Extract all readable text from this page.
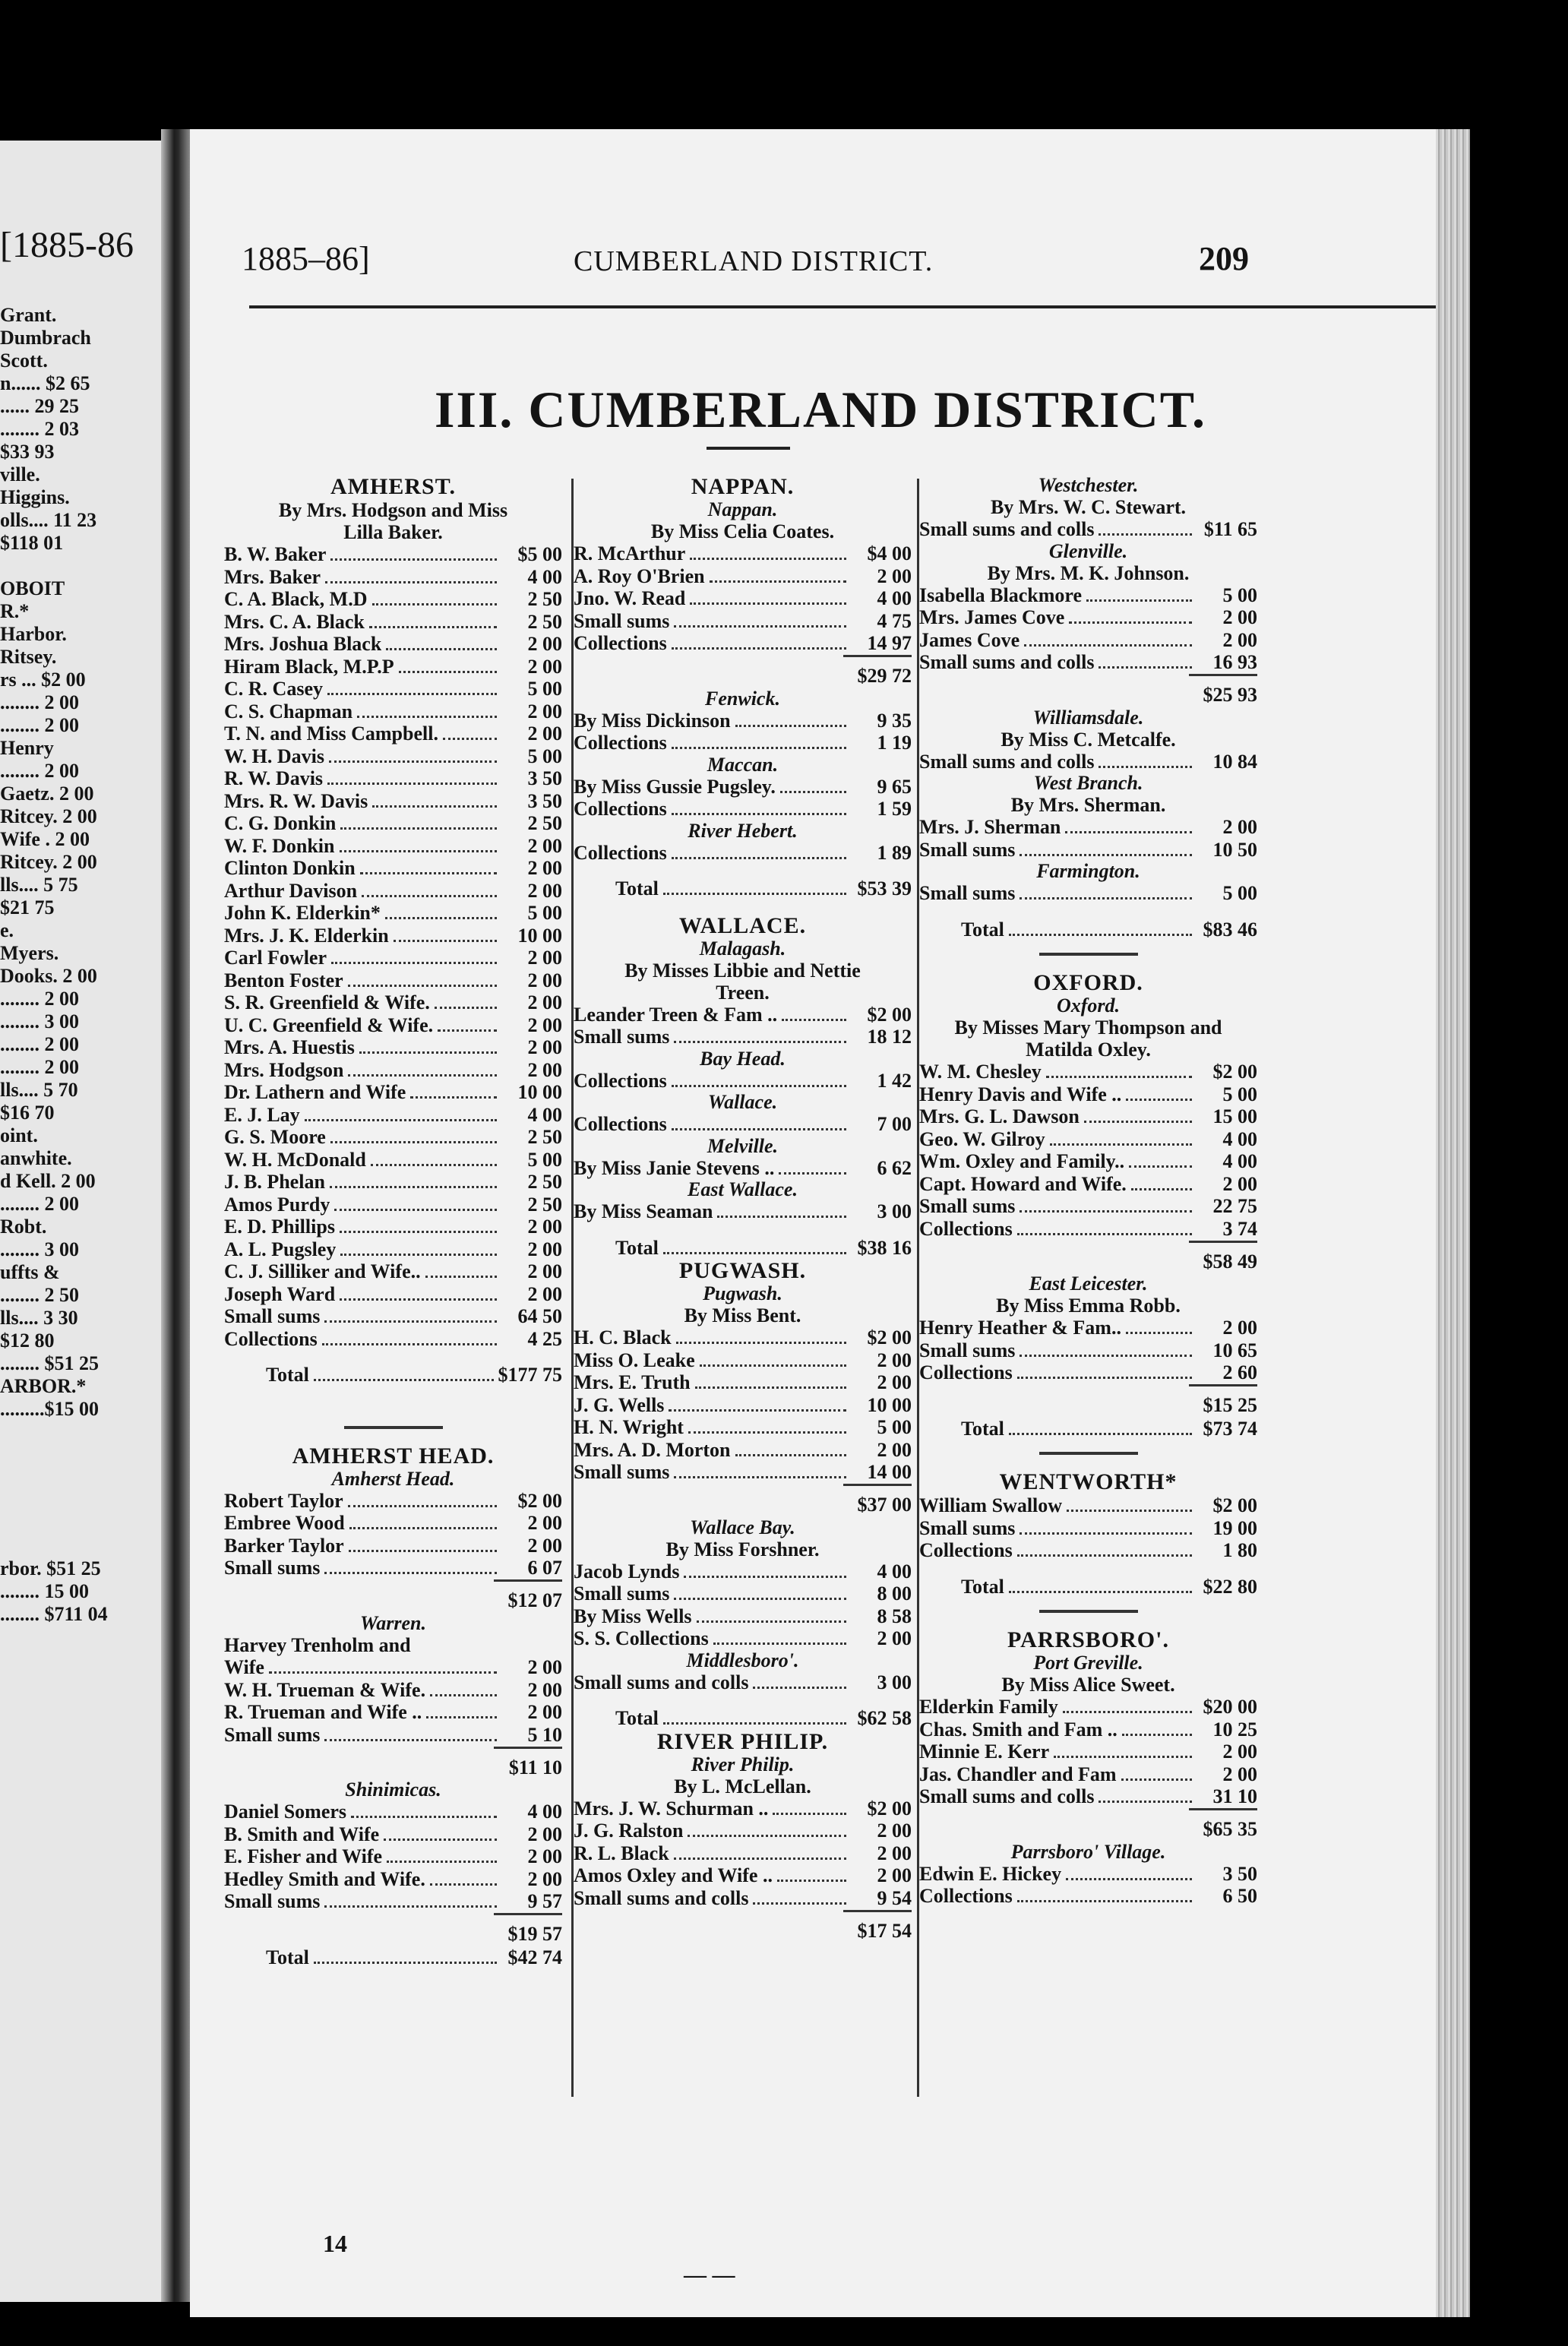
[1885-86
Grant.
Dumbrach
Scott.
n...... $2 65
...... 29 25
........ 2 03
$33 93
ville.
Higgins.
olls.... 11 23
$118 01
OBOIT
R.*
Harbor.
Ritsey.
rs ... $2 00
........ 2 00
........ 2 00
Henry
........ 2 00
Gaetz. 2 00
Ritcey. 2 00
Wife . 2 00
Ritcey. 2 00
lls.... 5 75
$21 75
e.
Myers.
Dooks. 2 00
........ 2 00
........ 3 00
........ 2 00
........ 2 00
lls.... 5 70
$16 70
oint.
anwhite.
d Kell. 2 00
........ 2 00
Robt.
........ 3 00
uffts &
........ 2 50
lls.... 3 30
$12 80
........ $51 25
ARBOR.*
.........$15 00
rbor. $51 25
........ 15 00
........ $711 04
1885–86]	CUMBERLAND DISTRICT.	209
III. CUMBERLAND DISTRICT.
AMHERST.
By Mrs. Hodgson and Miss
Lilla Baker.
B. W. Baker	$5 00
Mrs. Baker	4 00
C. A. Black, M.D	2 50
Mrs. C. A. Black	2 50
Mrs. Joshua Black	2 00
Hiram Black, M.P.P	2 00
C. R. Casey	5 00
C. S. Chapman	2 00
T. N. and Miss Campbell.	2 00
W. H. Davis	5 00
R. W. Davis	3 50
Mrs. R. W. Davis	3 50
C. G. Donkin	2 50
W. F. Donkin	2 00
Clinton Donkin	2 00
Arthur Davison	2 00
John K. Elderkin*	5 00
Mrs. J. K. Elderkin	10 00
Carl Fowler	2 00
Benton Foster	2 00
S. R. Greenfield & Wife.	2 00
U. C. Greenfield & Wife.	2 00
Mrs. A. Huestis	2 00
Mrs. Hodgson	2 00
Dr. Lathern and Wife	10 00
E. J. Lay	4 00
G. S. Moore	2 50
W. H. McDonald	5 00
J. B. Phelan	2 50
Amos Purdy	2 50
E. D. Phillips	2 00
A. L. Pugsley	2 00
C. J. Silliker and Wife..	2 00
Joseph Ward	2 00
Small sums	64 50
Collections	4 25
Total	$177 75
AMHERST HEAD.
Amherst Head.
Robert Taylor	$2 00
Embree Wood	2 00
Barker Taylor	2 00
Small sums	6 07
$12 07
Warren.
Harvey Trenholm and
Wife	2 00
W. H. Trueman & Wife.	2 00
R. Trueman and Wife ..	2 00
Small sums	5 10
$11 10
Shinimicas.
Daniel Somers	4 00
B. Smith and Wife	2 00
E. Fisher and Wife	2 00
Hedley Smith and Wife.	2 00
Small sums	9 57
$19 57
Total	$42 74
NAPPAN.
Nappan.
By Miss Celia Coates.
R. McArthur	$4 00
A. Roy O'Brien	2 00
Jno. W. Read	4 00
Small sums	4 75
Collections	14 97
$29 72
Fenwick.
By Miss Dickinson	9 35
Collections	1 19
Maccan.
By Miss Gussie Pugsley.	9 65
Collections	1 59
River Hebert.
Collections	1 89
Total	$53 39
WALLACE.
Malagash.
By Misses Libbie and Nettie
Treen.
Leander Treen & Fam ..	$2 00
Small sums	18 12
Bay Head.
Collections	1 42
Wallace.
Collections	7 00
Melville.
By Miss Janie Stevens ..	6 62
East Wallace.
By Miss Seaman	3 00
Total	$38 16
PUGWASH.
Pugwash.
By Miss Bent.
H. C. Black	$2 00
Miss O. Leake	2 00
Mrs. E. Truth	2 00
J. G. Wells	10 00
H. N. Wright	5 00
Mrs. A. D. Morton	2 00
Small sums	14 00
$37 00
Wallace Bay.
By Miss Forshner.
Jacob Lynds	4 00
Small sums	8 00
By Miss Wells	8 58
S. S. Collections	2 00
Middlesboro'.
Small sums and colls	3 00
Total	$62 58
RIVER PHILIP.
River Philip.
By L. McLellan.
Mrs. J. W. Schurman ..	$2 00
J. G. Ralston	2 00
R. L. Black	2 00
Amos Oxley and Wife ..	2 00
Small sums and colls	9 54
$17 54
Westchester.
By Mrs. W. C. Stewart.
Small sums and colls	$11 65
Glenville.
By Mrs. M. K. Johnson.
Isabella Blackmore	5 00
Mrs. James Cove	2 00
James Cove	2 00
Small sums and colls	16 93
$25 93
Williamsdale.
By Miss C. Metcalfe.
Small sums and colls	10 84
West Branch.
By Mrs. Sherman.
Mrs. J. Sherman	2 00
Small sums	10 50
Farmington.
Small sums	5 00
Total	$83 46
OXFORD.
Oxford.
By Misses Mary Thompson and
Matilda Oxley.
W. M. Chesley	$2 00
Henry Davis and Wife ..	5 00
Mrs. G. L. Dawson	15 00
Geo. W. Gilroy	4 00
Wm. Oxley and Family..	4 00
Capt. Howard and Wife.	2 00
Small sums	22 75
Collections	3 74
$58 49
East Leicester.
By Miss Emma Robb.
Henry Heather & Fam..	2 00
Small sums	10 65
Collections	2 60
$15 25
Total	$73 74
WENTWORTH*
William Swallow	$2 00
Small sums	19 00
Collections	1 80
Total	$22 80
PARRSBORO'.
Port Greville.
By Miss Alice Sweet.
Elderkin Family	$20 00
Chas. Smith and Fam ..	10 25
Minnie E. Kerr	2 00
Jas. Chandler and Fam	2 00
Small sums and colls	31 10
$65 35
Parrsboro' Village.
Edwin E. Hickey	3 50
Collections	6 50
14
— —
